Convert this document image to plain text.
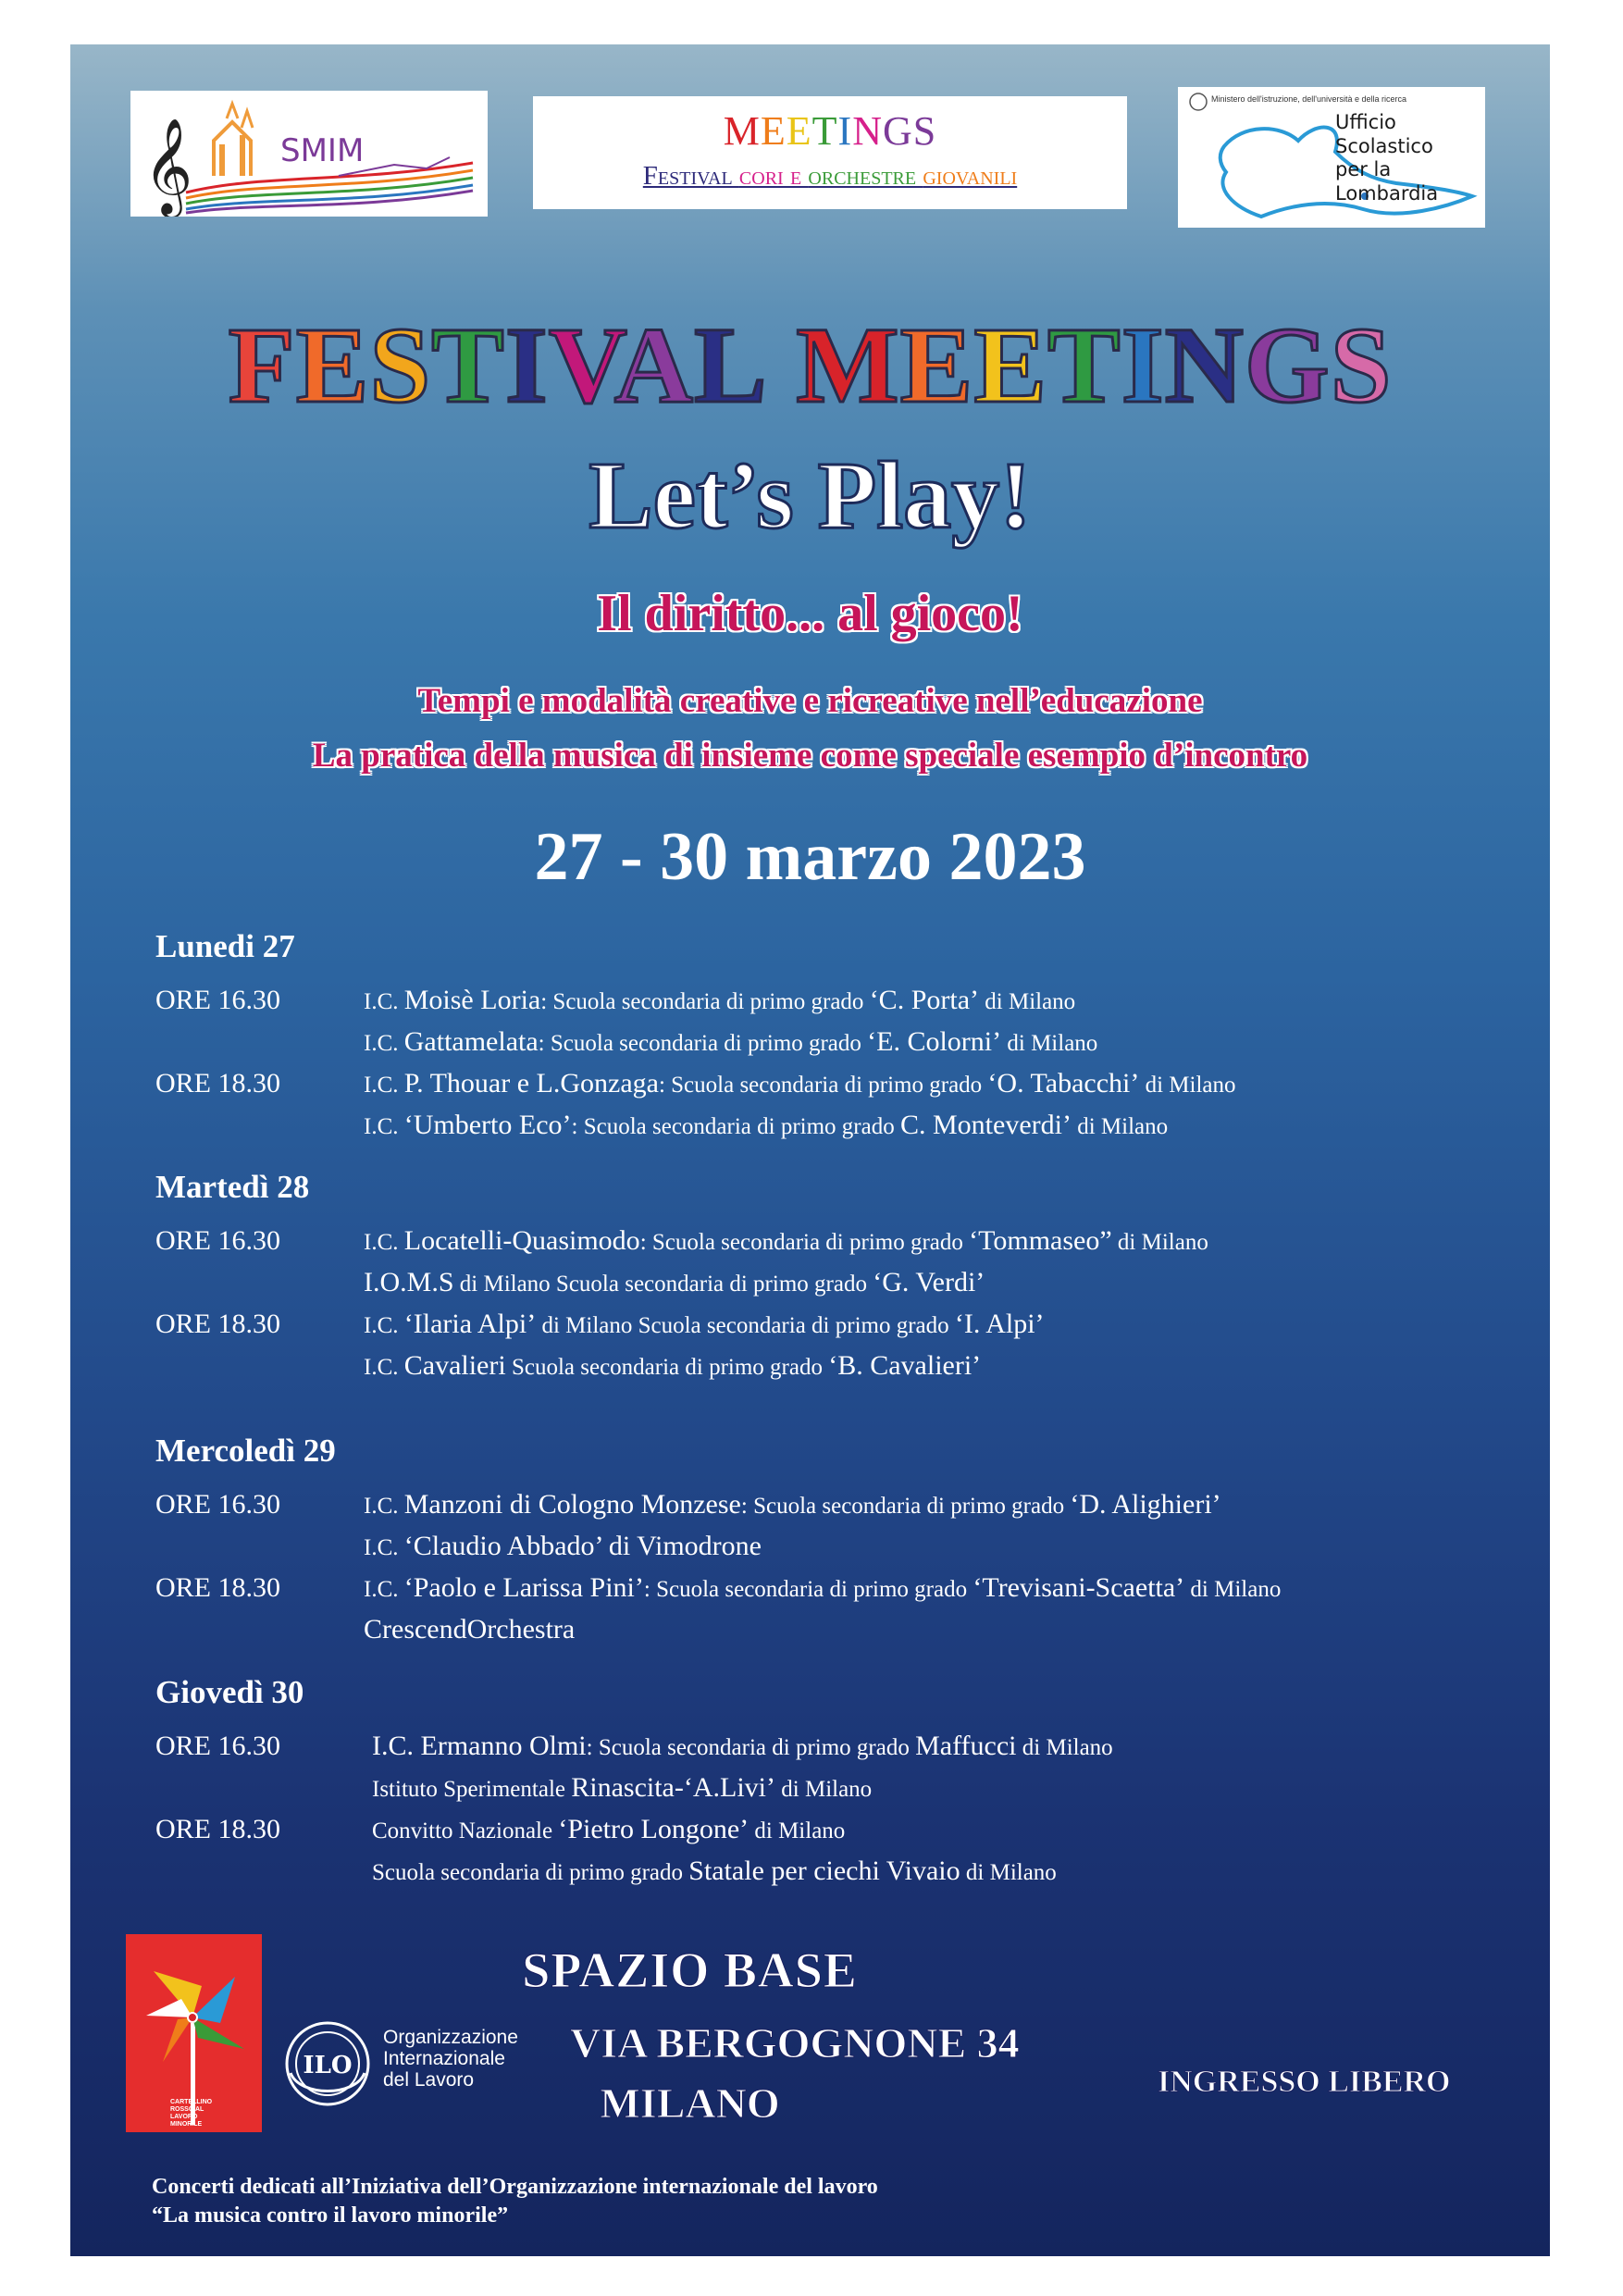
𝄞	SMIM	MEETINGS
Festival cori e orchestre giovanili
Ministero dell'istruzione, dell'università e della ricerca
Ufficio
Scolastico
per la
Lombardia
FESTIVAL MEETINGS
Let’s Play!
Il diritto... al gioco!
Tempi e modalità creative e ricreative nell’educazione
La pratica della musica di insieme come speciale esempio d’incontro
27 - 30 marzo 2023
Lunedi 27
ORE 16.30	I.C. Moisè Loria: Scuola secondaria di primo grado ‘C. Porta’ di Milano
I.C. Gattamelata: Scuola secondaria di primo grado ‘E. Colorni’ di Milano
ORE 18.30	I.C. P. Thouar e L.Gonzaga: Scuola secondaria di primo grado ‘O. Tabacchi’ di Milano
I.C. ‘Umberto Eco’: Scuola secondaria di primo grado C. Monteverdi’ di Milano
Martedì 28
ORE 16.30	I.C. Locatelli-Quasimodo: Scuola secondaria di primo grado ‘Tommaseo” di Milano
I.O.M.S di Milano Scuola secondaria di primo grado ‘G. Verdi’
ORE 18.30	I.C. ‘Ilaria Alpi’ di Milano Scuola secondaria di primo grado ‘I. Alpi’
I.C. Cavalieri Scuola secondaria di primo grado ‘B. Cavalieri’
Mercoledì 29
ORE 16.30	I.C. Manzoni di Cologno Monzese: Scuola secondaria di primo grado ‘D. Alighieri’
I.C. ‘Claudio Abbado’ di Vimodrone
ORE 18.30	I.C. ‘Paolo e Larissa Pini’: Scuola secondaria di primo grado ‘Trevisani-Scaetta’ di Milano
CrescendOrchestra
Giovedì 30
ORE 16.30	I.C. Ermanno Olmi: Scuola secondaria di primo grado Maffucci di Milano
Istituto Sperimentale Rinascita-‘A.Livi’ di Milano
ORE 18.30	Convitto Nazionale ‘Pietro Longone’ di Milano
Scuola secondaria di primo grado Statale per ciechi Vivaio di Milano
CARTELLINO
ROSSO AL
LAVORO
MINORILE
ILO
Organizzazione
Internazionale
del Lavoro
SPAZIO BASE
VIA BERGOGNONE 34
MILANO	INGRESSO LIBERO
Concerti dedicati all’Iniziativa dell’Organizzazione internazionale del lavoro
“La musica contro il lavoro minorile”
